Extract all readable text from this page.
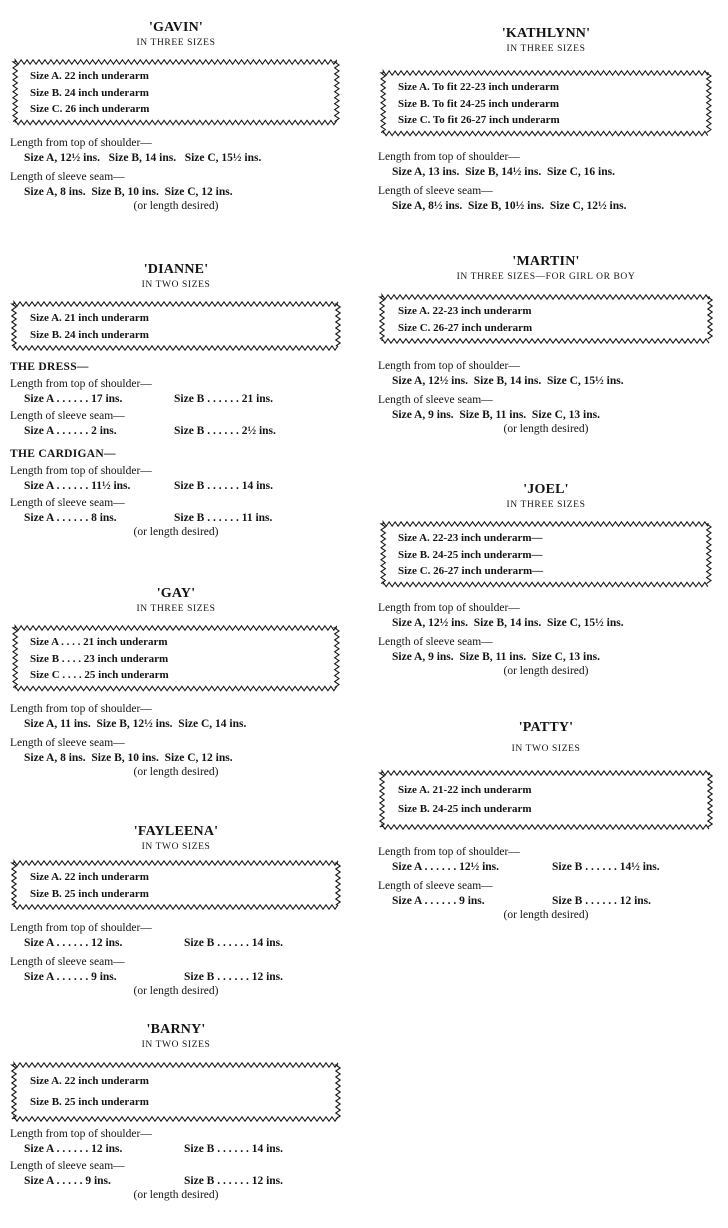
'GAVIN'
IN THREE SIZES
Size A. 22 inch underarm
Size B. 24 inch underarm
Size C. 26 inch underarm
Length from top of shoulder—
Size A, 12½ ins.   Size B, 14 ins.   Size C, 15½ ins.
Length of sleeve seam—
Size A, 8 ins.  Size B, 10 ins.  Size C, 12 ins.
(or length desired)
'DIANNE'
IN TWO SIZES
Size A. 21 inch underarm
Size B. 24 inch underarm
THE DRESS—
Length from top of shoulder—
Size A . . . . . . 17 ins.	Size B . . . . . . 21 ins.
Length of sleeve seam—
Size A . . . . . . 2 ins.	Size B . . . . . . 2½ ins.
THE CARDIGAN—
Length from top of shoulder—
Size A . . . . . . 11½ ins.	Size B . . . . . . 14 ins.
Length of sleeve seam—
Size A . . . . . . 8 ins.	Size B . . . . . . 11 ins.
(or length desired)
'GAY'
IN THREE SIZES
Size A . . . . 21 inch underarm
Size B . . . . 23 inch underarm
Size C . . . . 25 inch underarm
Length from top of shoulder—
Size A, 11 ins.  Size B, 12½ ins.  Size C, 14 ins.
Length of sleeve seam—
Size A, 8 ins.  Size B, 10 ins.  Size C, 12 ins.
(or length desired)
'FAYLEENA'
IN TWO SIZES
Size A. 22 inch underarm
Size B. 25 inch underarm
Length from top of shoulder—
Size A . . . . . . 12 ins.	Size B . . . . . . 14 ins.
Length of sleeve seam—
Size A . . . . . . 9 ins.	Size B . . . . . . 12 ins.
(or length desired)
'BARNY'
IN TWO SIZES
Size A. 22 inch underarm
Size B. 25 inch underarm
Length from top of shoulder—
Size A . . . . . . 12 ins.	Size B . . . . . . 14 ins.
Length of sleeve seam—
Size A . . . . . 9 ins.	Size B . . . . . . 12 ins.
(or length desired)
'KATHLYNN'
IN THREE SIZES
Size A. To fit 22-23 inch underarm
Size B. To fit 24-25 inch underarm
Size C. To fit 26-27 inch underarm
Length from top of shoulder—
Size A, 13 ins.  Size B, 14½ ins.  Size C, 16 ins.
Length of sleeve seam—
Size A, 8½ ins.  Size B, 10½ ins.  Size C, 12½ ins.
'MARTIN'
IN THREE SIZES—FOR GIRL OR BOY
Size A. 22-23 inch underarm
Size C. 26-27 inch underarm
Length from top of shoulder—
Size A, 12½ ins.  Size B, 14 ins.  Size C, 15½ ins.
Length of sleeve seam—
Size A, 9 ins.  Size B, 11 ins.  Size C, 13 ins.
(or length desired)
'JOEL'
IN THREE SIZES
Size A. 22-23 inch underarm—
Size B. 24-25 inch underarm—
Size C. 26-27 inch underarm—
Length from top of shoulder—
Size A, 12½ ins.  Size B, 14 ins.  Size C, 15½ ins.
Length of sleeve seam—
Size A, 9 ins.  Size B, 11 ins.  Size C, 13 ins.
(or length desired)
'PATTY'
IN TWO SIZES
Size A. 21-22 inch underarm
Size B. 24-25 inch underarm
Length from top of shoulder—
Size A . . . . . . 12½ ins.	Size B . . . . . . 14½ ins.
Length of sleeve seam—
Size A . . . . . . 9 ins.	Size B . . . . . . 12 ins.
(or length desired)
